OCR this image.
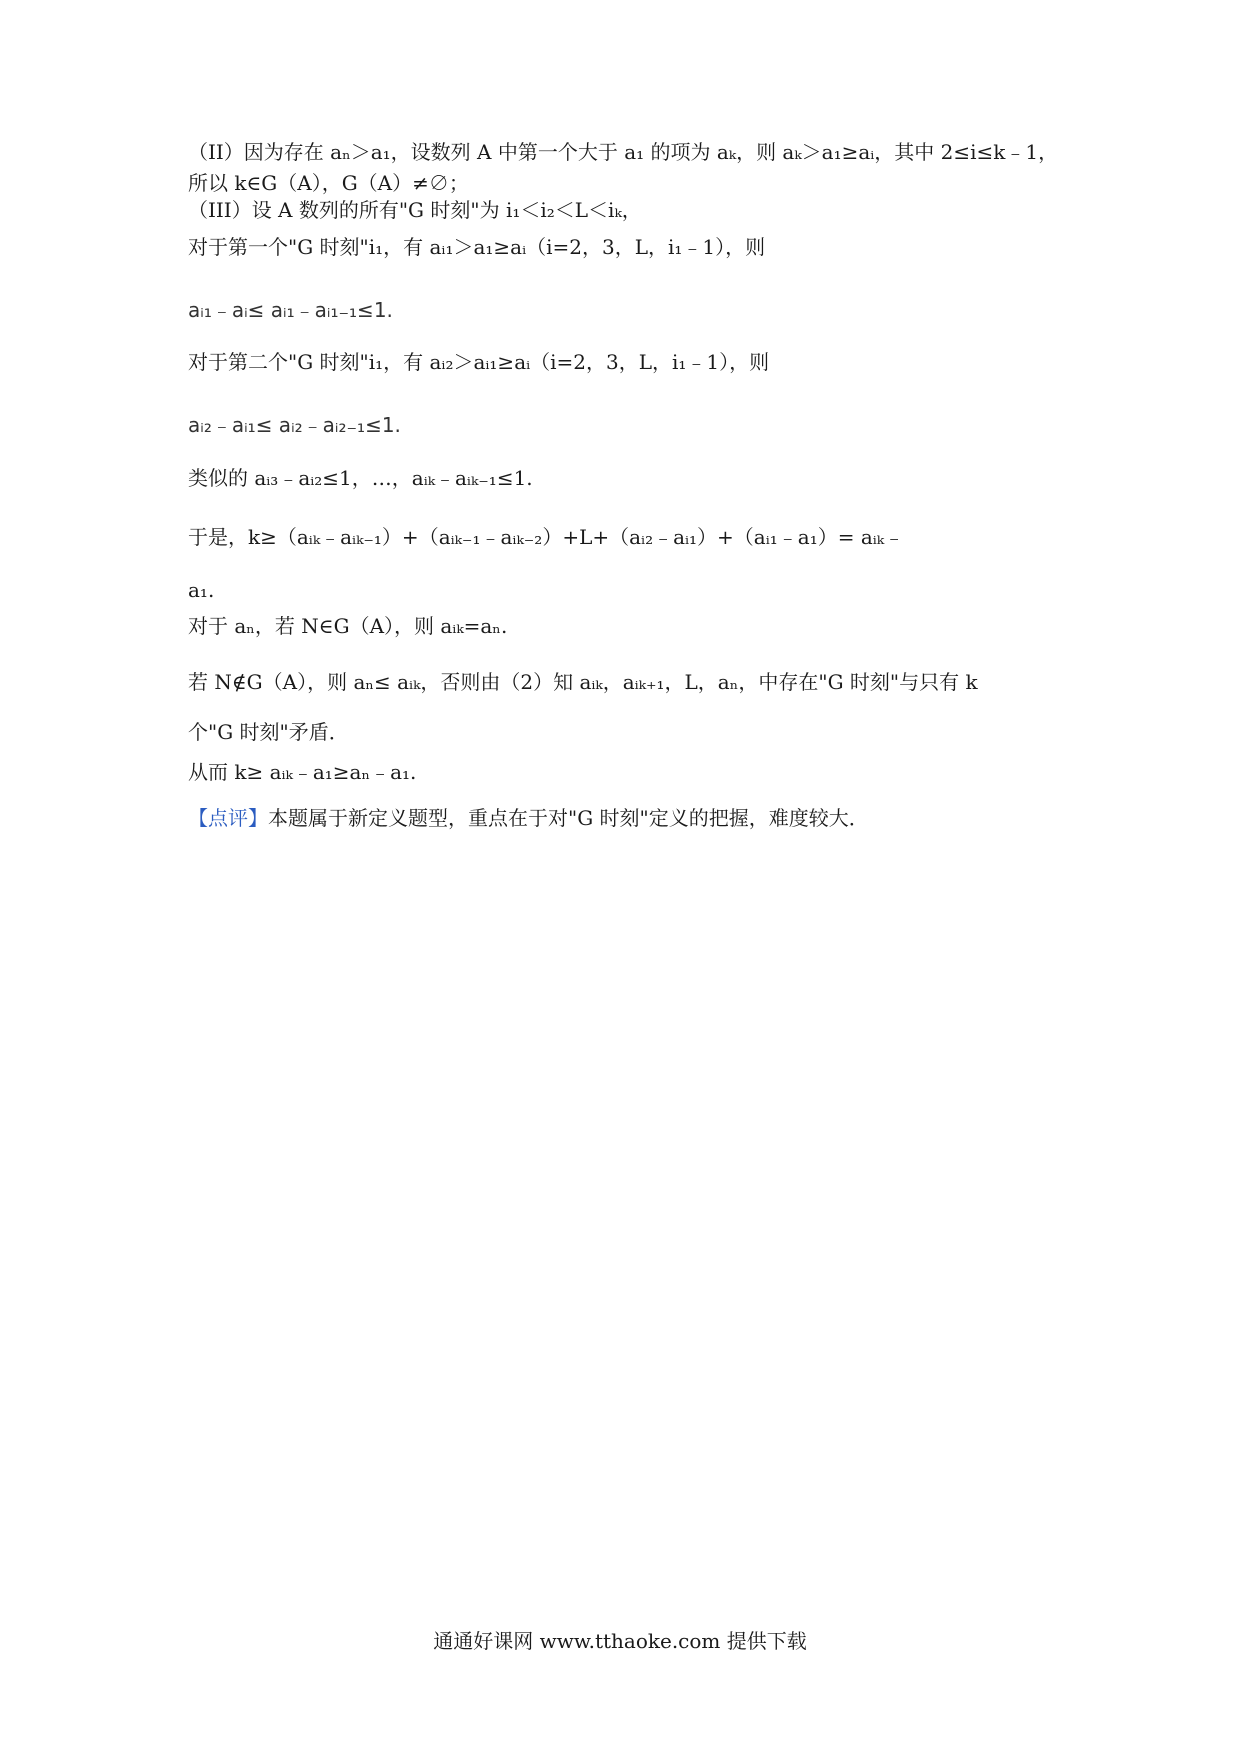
（II）因为存在 aₙ＞a₁，设数列 A 中第一个大于 a₁ 的项为 aₖ，则 aₖ＞a₁≥aᵢ，其中 2≤i≤k﹣1，
所以 k∈G（A），G（A）≠∅；
（III）设 A 数列的所有"G 时刻"为 i₁＜i₂＜L＜iₖ，
对于第一个"G 时刻"i₁，有 aᵢ₁＞a₁≥aᵢ（i=2，3，L，i₁﹣1），则
aᵢ₁﹣aᵢ≤ aᵢ₁﹣aᵢ₁₋₁≤1.
对于第二个"G 时刻"i₁，有 aᵢ₂＞aᵢ₁≥aᵢ（i=2，3，L，i₁﹣1），则
aᵢ₂﹣aᵢ₁≤ aᵢ₂﹣aᵢ₂₋₁≤1.
类似的 aᵢ₃﹣aᵢ₂≤1，…，aᵢₖ﹣aᵢₖ₋₁≤1.
于是，k≥（aᵢₖ﹣aᵢₖ₋₁）+（aᵢₖ₋₁﹣aᵢₖ₋₂）+L+（aᵢ₂﹣aᵢ₁）+（aᵢ₁﹣a₁）= aᵢₖ﹣
a₁.
对于 aₙ，若 N∈G（A），则 aᵢₖ=aₙ.
若 N∉G（A），则 aₙ≤ aᵢₖ，否则由（2）知 aᵢₖ，aᵢₖ₊₁，L，aₙ，中存在"G 时刻"与只有 k
个"G 时刻"矛盾．
从而 k≥ aᵢₖ﹣a₁≥aₙ﹣a₁.
【点评】本题属于新定义题型，重点在于对"G 时刻"定义的把握，难度较大．
通通好课网 www.tthaoke.com 提供下载
